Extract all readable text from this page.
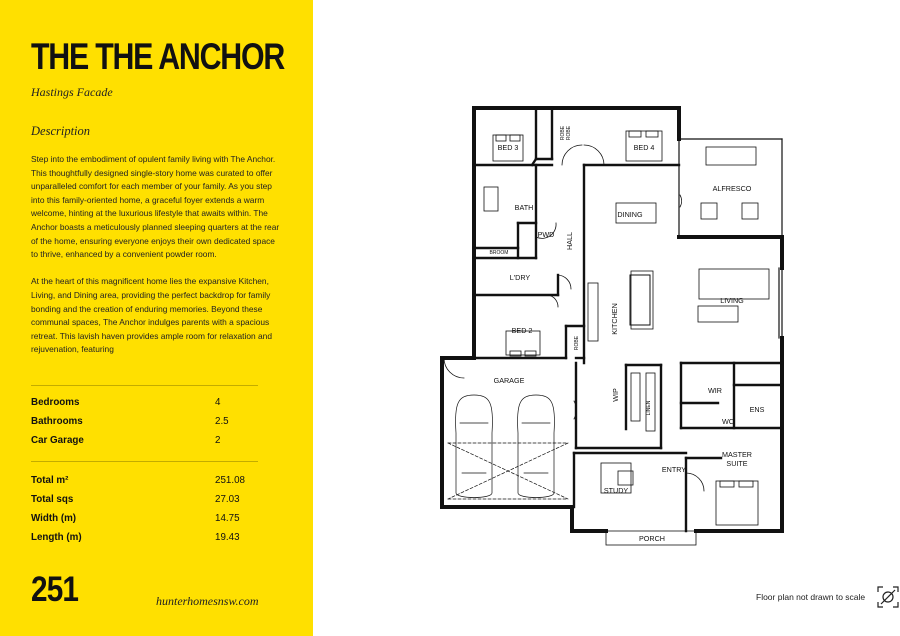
THE THE ANCHOR
Hastings Facade
Description

Step into the embodiment of opulent family living with The Anchor. This thoughtfully designed single-story home was curated to offer unparalleled comfort for each member of your family. As you step into this family-oriented home, a graceful foyer extends a warm welcome, hinting at the luxurious lifestyle that awaits within. The Anchor boasts a meticulously planned sleeping quarters at the rear of the home, ensuring everyone enjoys their own dedicated space to thrive, enhanced by a convenient powder room.

At the heart of this magnificent home lies the expansive Kitchen, Living, and Dining area, providing the perfect backdrop for family bonding and the creation of enduring memories. Beyond these communal spaces, The Anchor indulges parents with a spacious retreat. This lavish haven provides ample room for relaxation and rejuvenation, featuring

Bedrooms	4
Bathrooms	2.5
Car Garage	2
Total m²	251.08
Total sqs	27.03
Width (m)	14.75
Length (m)	19.43
251	hunterhomesnsw.com
BED 3
ROBE ROBE
BED 4
ALFRESCO
BATH
PWD
BROOM
HALL
DINING
L'DRY
LIVING
BED 2
ROBE
KITCHEN
GARAGE
WIP
LINEN
WIR
ENS
WC
ENTRY
MASTER
SUITE
STUDY
PORCH
Floor plan not drawn to scale
